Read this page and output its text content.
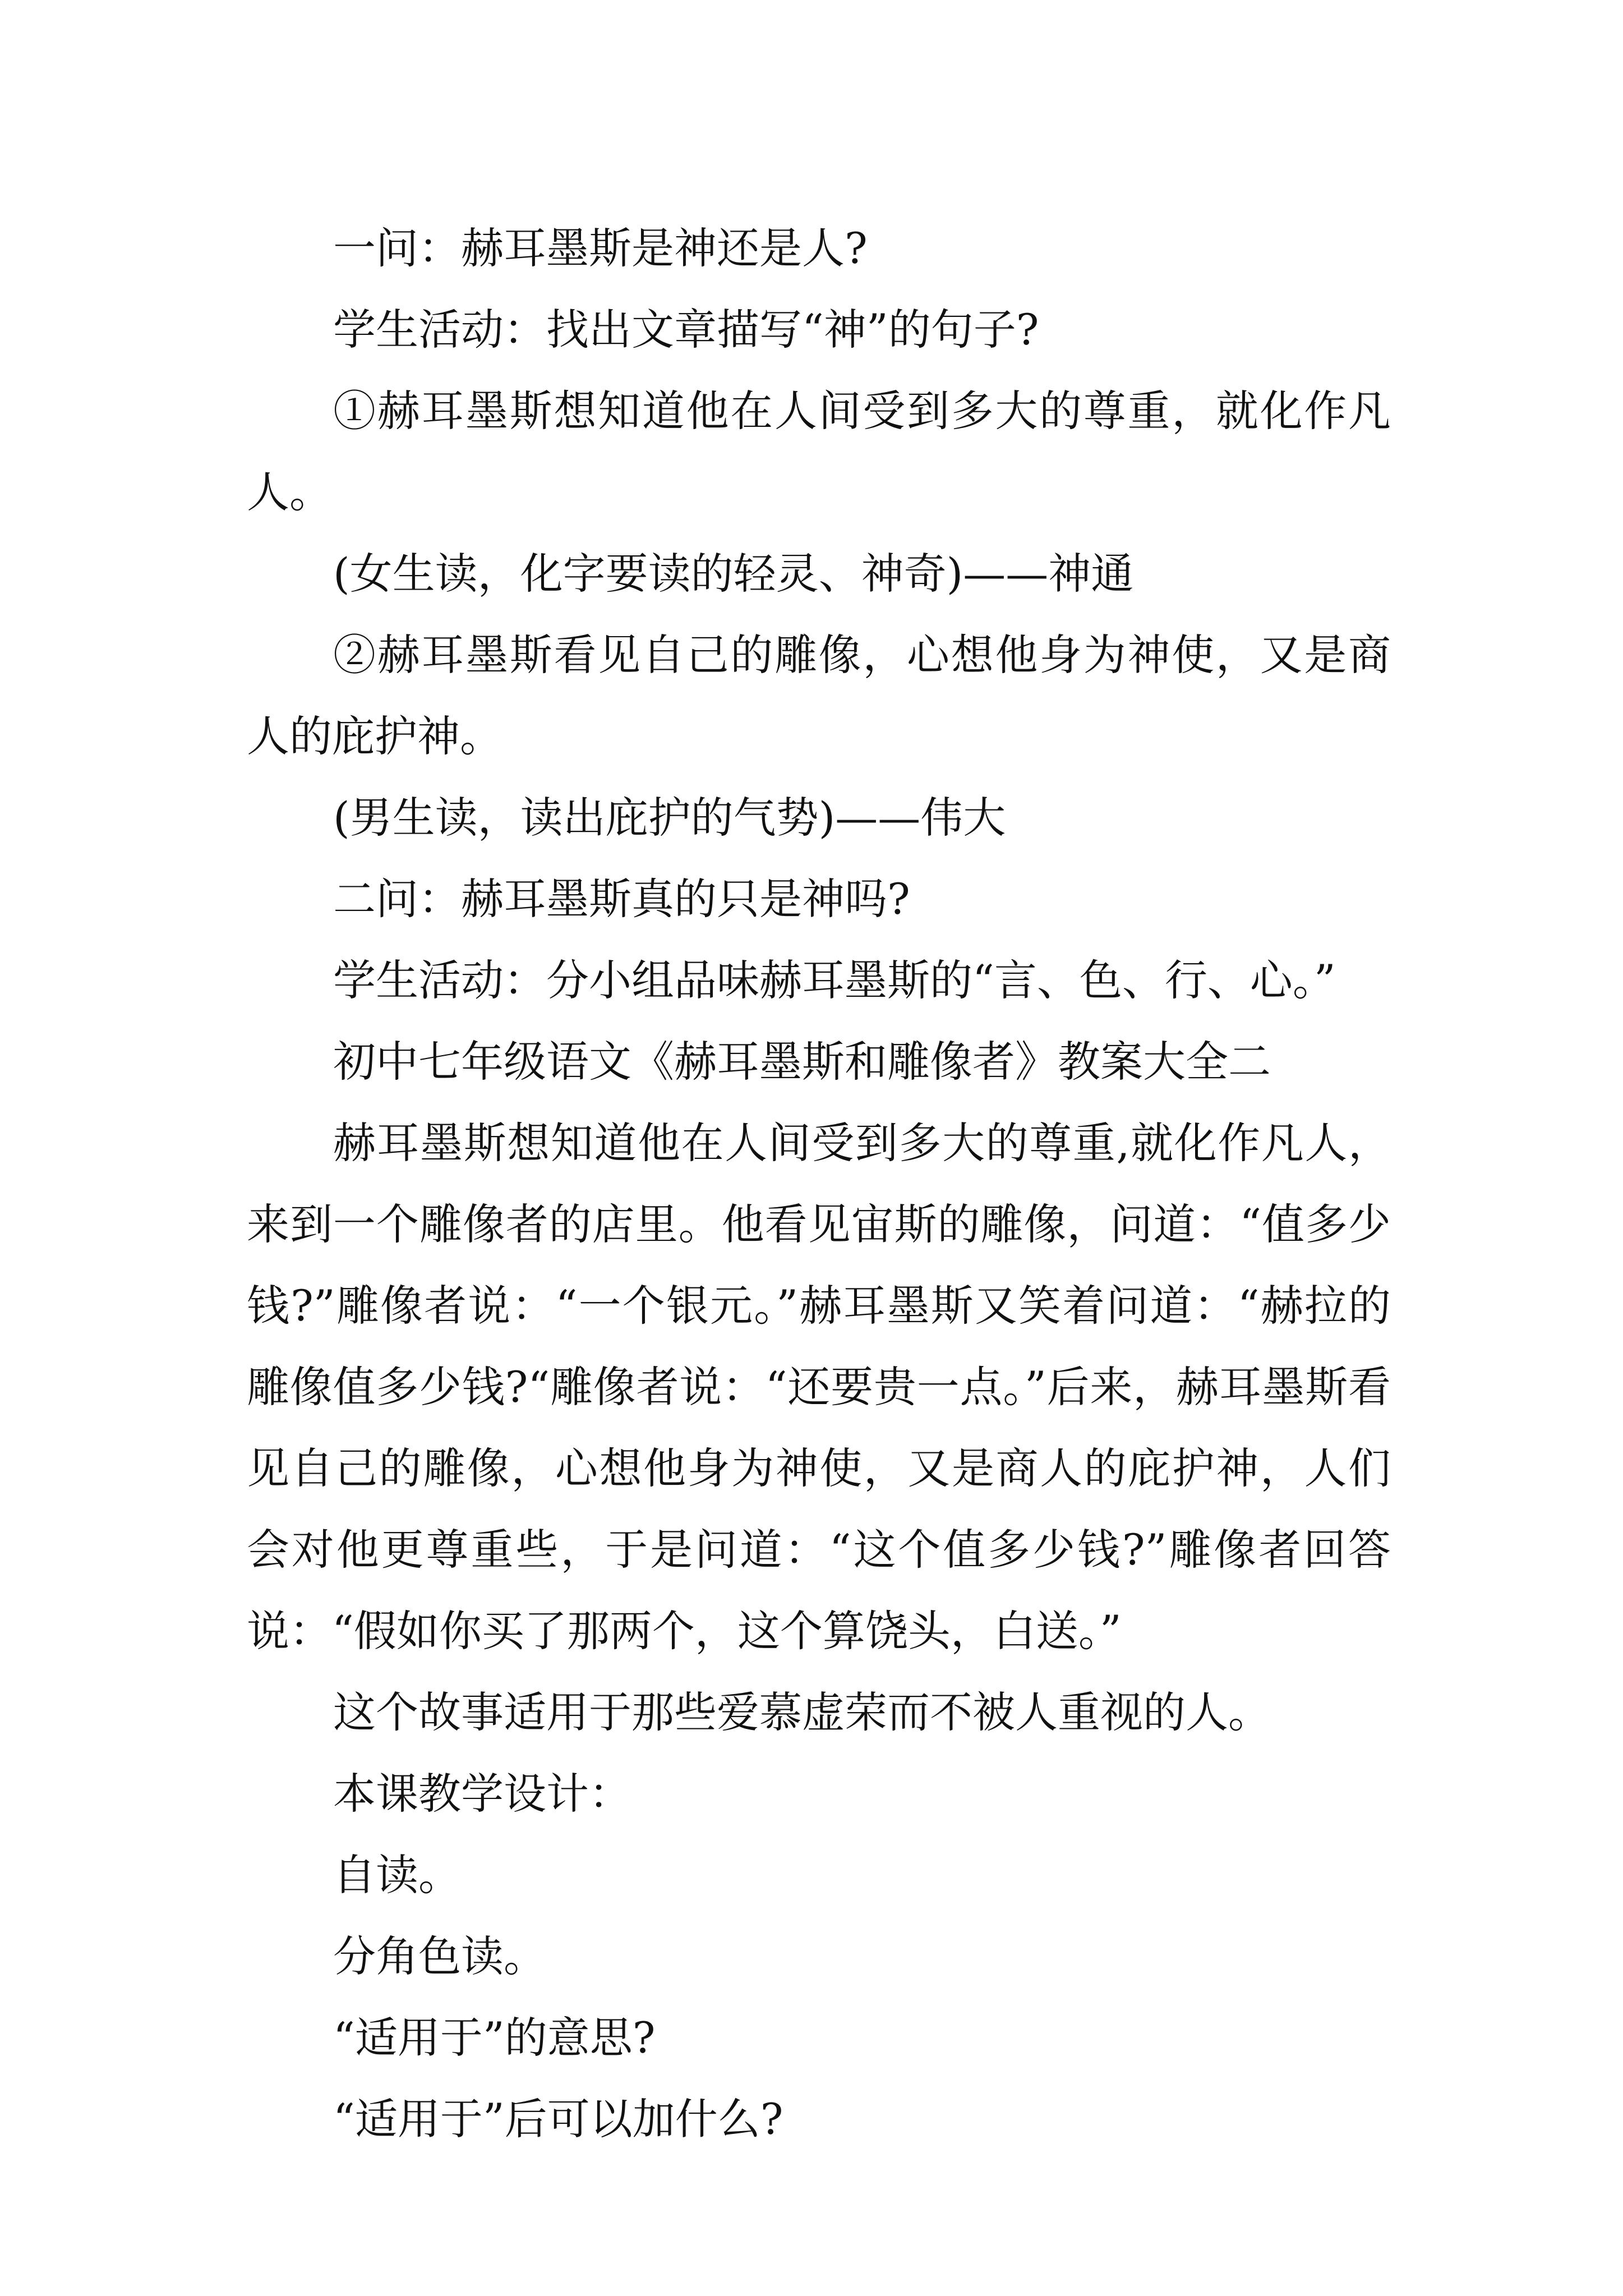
一问：赫耳墨斯是神还是人?

学生活动：找出文章描写“神”的句子?

①赫耳墨斯想知道他在人间受到多大的尊重，就化作凡人。

(女生读，化字要读的轻灵、神奇)——神通

②赫耳墨斯看见自己的雕像，心想他身为神使，又是商人的庇护神。

(男生读，读出庇护的气势)——伟大

二问：赫耳墨斯真的只是神吗?

学生活动：分小组品味赫耳墨斯的“言、色、行、心。”

初中七年级语文《赫耳墨斯和雕像者》教案大全二

赫耳墨斯想知道他在人间受到多大的尊重,就化作凡人，来到一个雕像者的店里。他看见宙斯的雕像，问道：“值多少钱?”雕像者说：“一个银元。”赫耳墨斯又笑着问道：“赫拉的雕像值多少钱?“雕像者说：“还要贵一点。”后来，赫耳墨斯看见自己的雕像，心想他身为神使，又是商人的庇护神，人们会对他更尊重些，于是问道：“这个值多少钱?”雕像者回答说：“假如你买了那两个，这个算饶头，白送。”

这个故事适用于那些爱慕虚荣而不被人重视的人。

本课教学设计：

自读。

分角色读。

“适用于”的意思?

“适用于”后可以加什么?
